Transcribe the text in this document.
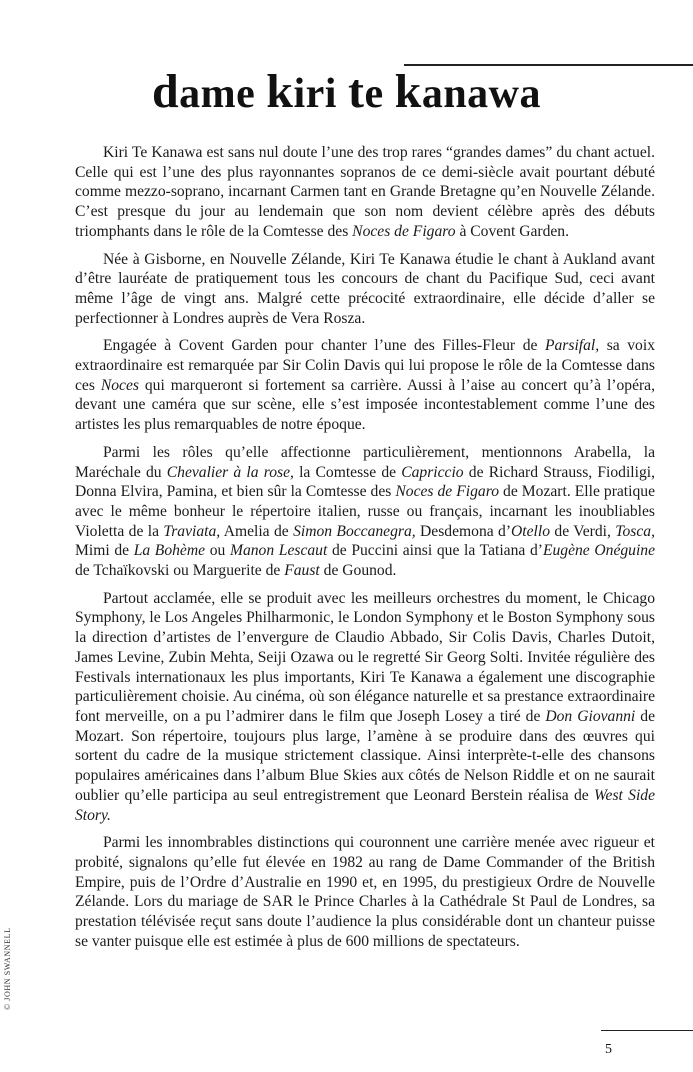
dame kiri te kanawa

Kiri Te Kanawa est sans nul doute l’une des trop rares “grandes dames” du chant actuel. Celle qui est l’une des plus rayonnantes sopranos de ce demi-siècle avait pourtant débuté comme mezzo-soprano, incarnant Carmen tant en Grande Bretagne qu’en Nouvelle Zélande. C’est presque du jour au lendemain que son nom devient célèbre après des débuts triomphants dans le rôle de la Comtesse des Noces de Figaro à Covent Garden.

Née à Gisborne, en Nouvelle Zélande, Kiri Te Kanawa étudie le chant à Aukland avant d’être lauréate de pratiquement tous les concours de chant du Pacifique Sud, ceci avant même l’âge de vingt ans. Malgré cette précocité extraordinaire, elle décide d’aller se perfectionner à Londres auprès de Vera Rosza.

Engagée à Covent Garden pour chanter l’une des Filles-Fleur de Parsifal, sa voix extraordinaire est remarquée par Sir Colin Davis qui lui propose le rôle de la Comtesse dans ces Noces qui marqueront si fortement sa carrière. Aussi à l’aise au concert qu’à l’opéra, devant une caméra que sur scène, elle s’est imposée incontestablement comme l’une des artistes les plus remarquables de notre époque.

Parmi les rôles qu’elle affectionne particulièrement, mentionnons Arabella, la Maréchale du Chevalier à la rose, la Comtesse de Capriccio de Richard Strauss, Fiodiligi, Donna Elvira, Pamina, et bien sûr la Comtesse des Noces de Figaro de Mozart. Elle pratique avec le même bonheur le répertoire italien, russe ou français, incarnant les inoubliables Violetta de la Traviata, Amelia de Simon Boccanegra, Desdemona d’Otello de Verdi, Tosca, Mimi de La Bohème ou Manon Lescaut de Puccini ainsi que la Tatiana d’Eugène Onéguine de Tchaïkovski ou Marguerite de Faust de Gounod.

Partout acclamée, elle se produit avec les meilleurs orchestres du moment, le Chicago Symphony, le Los Angeles Philharmonic, le London Symphony et le Boston Symphony sous la direction d’artistes de l’envergure de Claudio Abbado, Sir Colis Davis, Charles Dutoit, James Levine, Zubin Mehta, Seiji Ozawa ou le regretté Sir Georg Solti. Invitée régulière des Festivals internationaux les plus importants, Kiri Te Kanawa a également une discographie particulièrement choisie. Au cinéma, où son élégance naturelle et sa prestance extraordinaire font merveille, on a pu l’admirer dans le film que Joseph Losey a tiré de Don Giovanni de Mozart. Son répertoire, toujours plus large, l’amène à se produire dans des œuvres qui sortent du cadre de la musique strictement classique. Ainsi interprète-t-elle des chansons populaires américaines dans l’album Blue Skies aux côtés de Nelson Riddle et on ne saurait oublier qu’elle participa au seul entregistrement que Leonard Berstein réalisa de West Side Story.

Parmi les innombrables distinctions qui couronnent une carrière menée avec rigueur et probité, signalons qu’elle fut élevée en 1982 au rang de Dame Commander of the British Empire, puis de l’Ordre d’Australie en 1990 et, en 1995, du prestigieux Ordre de Nouvelle Zélande. Lors du mariage de SAR le Prince Charles à la Cathédrale St Paul de Londres, sa prestation télévisée reçut sans doute l’audience la plus considérable dont un chanteur puisse se vanter puisque elle est estimée à plus de 600 millions de spectateurs.

© JOHN SWANNELL
5
